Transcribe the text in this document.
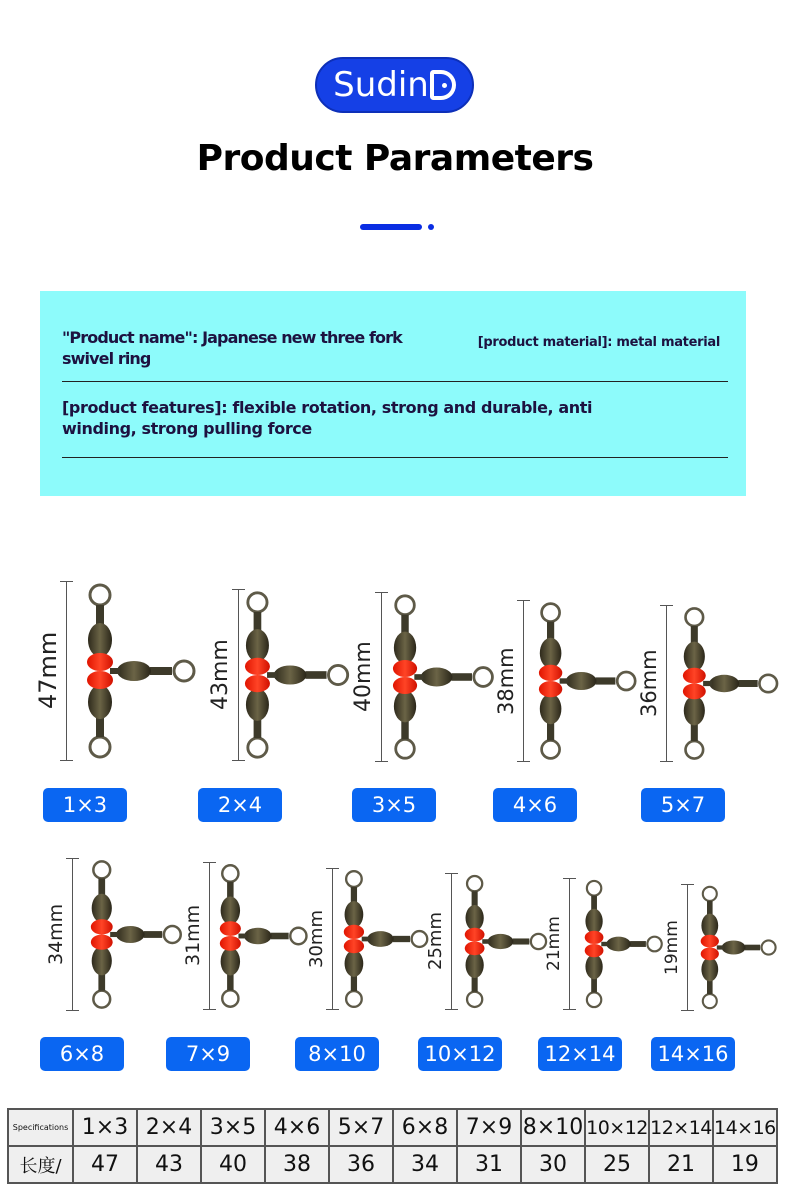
Sudin
Product Parameters
"Product name": Japanese new three fork swivel ring
[product material]: metal material
[product features]: flexible rotation, strong and durable, anti winding, strong pulling force
47mm
1×3
43mm
2×4
40mm
3×5
38mm
4×6
36mm
5×7
34mm
6×8
31mm
7×9
30mm
8×10
25mm
10×12
21mm
12×14
19mm
14×16
Specifications	1×3	2×4	3×5	4×6	5×7	6×8	7×9	8×10	10×12	12×14	14×16
长度/	47	43	40	38	36	34	31	30	25	21	19
